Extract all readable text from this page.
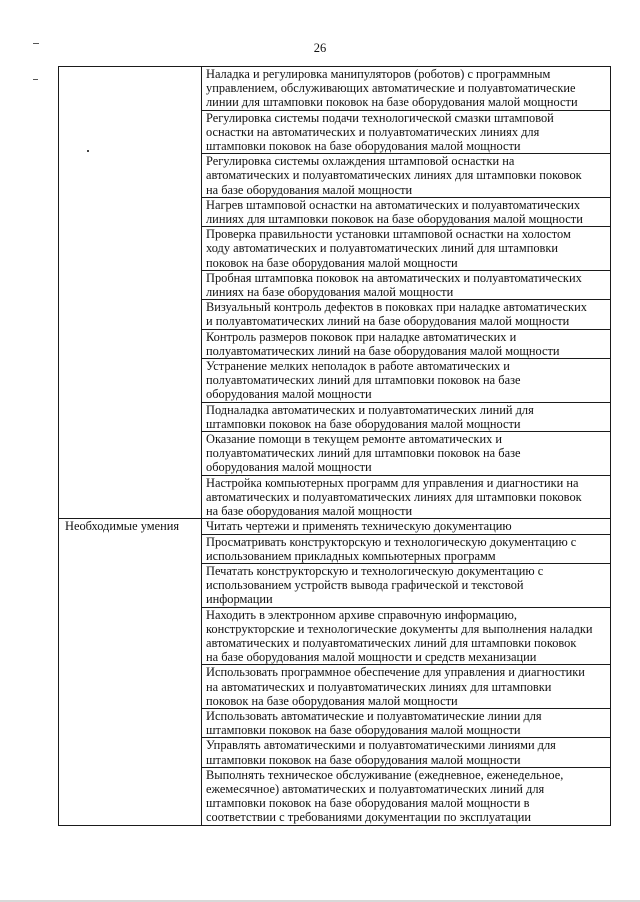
26

	Наладка и регулировка манипуляторов (роботов) с программным
управлением, обслуживающих автоматические и полуавтоматические
линии для штамповки поковок на базе оборудования малой мощности

	Регулировка системы подачи технологической смазки штамповой
оснастки на автоматических и полуавтоматических линиях для
штамповки поковок на базе оборудования малой мощности

	Регулировка системы охлаждения штамповой оснастки на
автоматических и полуавтоматических линиях для штамповки поковок
на базе оборудования малой мощности

	Нагрев штамповой оснастки на автоматических и полуавтоматических
линиях для штамповки поковок на базе оборудования малой мощности

	Проверка правильности установки штамповой оснастки на холостом
ходу автоматических и полуавтоматических линий для штамповки
поковок на базе оборудования малой мощности

	Пробная штамповка поковок на автоматических и полуавтоматических
линиях на базе оборудования малой мощности

	Визуальный контроль дефектов в поковках при наладке автоматических
и полуавтоматических линий на базе оборудования малой мощности

	Контроль размеров поковок при наладке автоматических и
полуавтоматических линий на базе оборудования малой мощности

	Устранение мелких неполадок в работе автоматических и
полуавтоматических линий для штамповки поковок на базе
оборудования малой мощности

	Подналадка автоматических и полуавтоматических линий для
штамповки поковок на базе оборудования малой мощности

	Оказание помощи в текущем ремонте автоматических и
полуавтоматических линий для штамповки поковок на базе
оборудования малой мощности

	Настройка компьютерных программ для управления и диагностики на
автоматических и полуавтоматических линиях для штамповки поковок
на базе оборудования малой мощности

Необходимые умения	Читать чертежи и применять техническую документацию

	Просматривать конструкторскую и технологическую документацию с
использованием прикладных компьютерных программ

	Печатать конструкторскую и технологическую документацию с
использованием устройств вывода графической и текстовой
информации

	Находить в электронном архиве справочную информацию,
конструкторские и технологические документы для выполнения наладки
автоматических и полуавтоматических линий для штамповки поковок
на базе оборудования малой мощности и средств механизации

	Использовать программное обеспечение для управления и диагностики
на автоматических и полуавтоматических линиях для штамповки
поковок на базе оборудования малой мощности

	Использовать автоматические и полуавтоматические линии для
штамповки поковок на базе оборудования малой мощности

	Управлять автоматическими и полуавтоматическими линиями для
штамповки поковок на базе оборудования малой мощности

	Выполнять техническое обслуживание (ежедневное, еженедельное,
ежемесячное) автоматических и полуавтоматических линий для
штамповки поковок на базе оборудования малой мощности в
соответствии с требованиями документации по эксплуатации
